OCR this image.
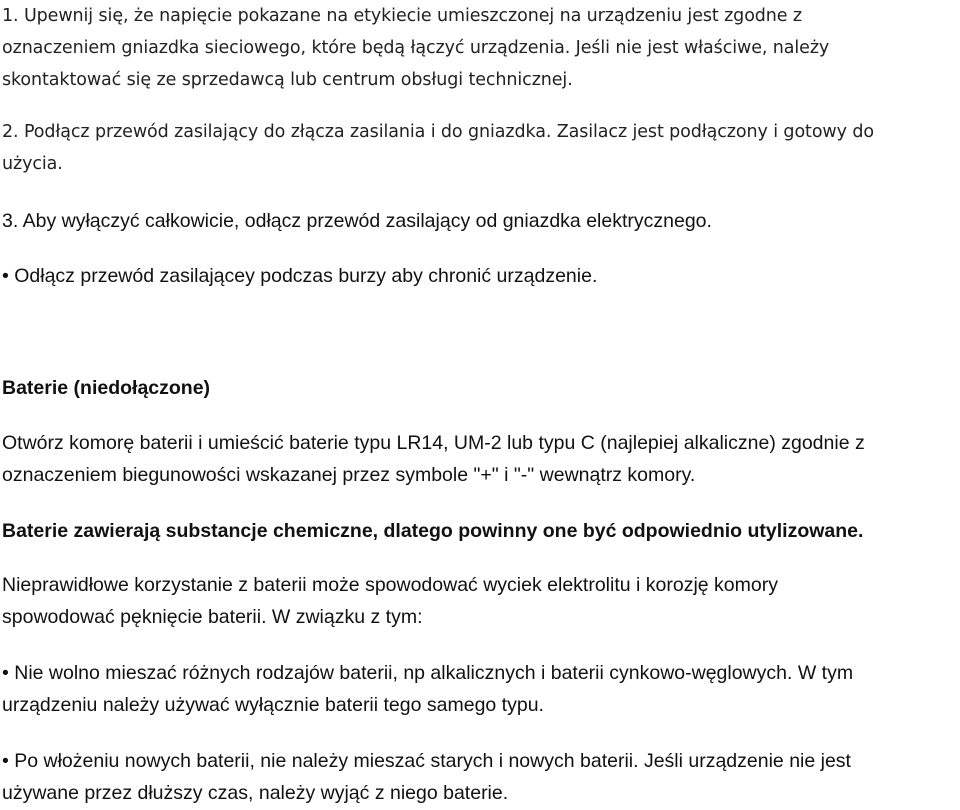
1. Upewnij się, że napięcie pokazane na etykiecie umieszczonej na urządzeniu jest zgodne z
oznaczeniem gniazdka sieciowego, które będą łączyć urządzenia. Jeśli nie jest właściwe, należy
skontaktować się ze sprzedawcą lub centrum obsługi technicznej.
2. Podłącz przewód zasilający do złącza zasilania i do gniazdka. Zasilacz jest podłączony i gotowy do
użycia.
3. Aby wyłączyć całkowicie, odłącz przewód zasilający od gniazdka elektrycznego.
• Odłącz przewód zasilającey podczas burzy aby chronić urządzenie.
Baterie (niedołączone)
Otwórz komorę baterii i umieścić baterie typu LR14, UM-2 lub typu C (najlepiej alkaliczne) zgodnie z
oznaczeniem biegunowości wskazanej przez symbole "+" i "-" wewnątrz komory.
Baterie zawierają substancje chemiczne, dlatego powinny one być odpowiednio utylizowane.
Nieprawidłowe korzystanie z baterii może spowodować wyciek elektrolitu i korozję komory
spowodować pęknięcie baterii. W związku z tym:
• Nie wolno mieszać różnych rodzajów baterii, np alkalicznych i baterii cynkowo-węglowych. W tym
urządzeniu należy używać wyłącznie baterii tego samego typu.
• Po włożeniu nowych baterii, nie należy mieszać starych i nowych baterii. Jeśli urządzenie nie jest
używane przez dłuższy czas, należy wyjąć z niego baterie.
